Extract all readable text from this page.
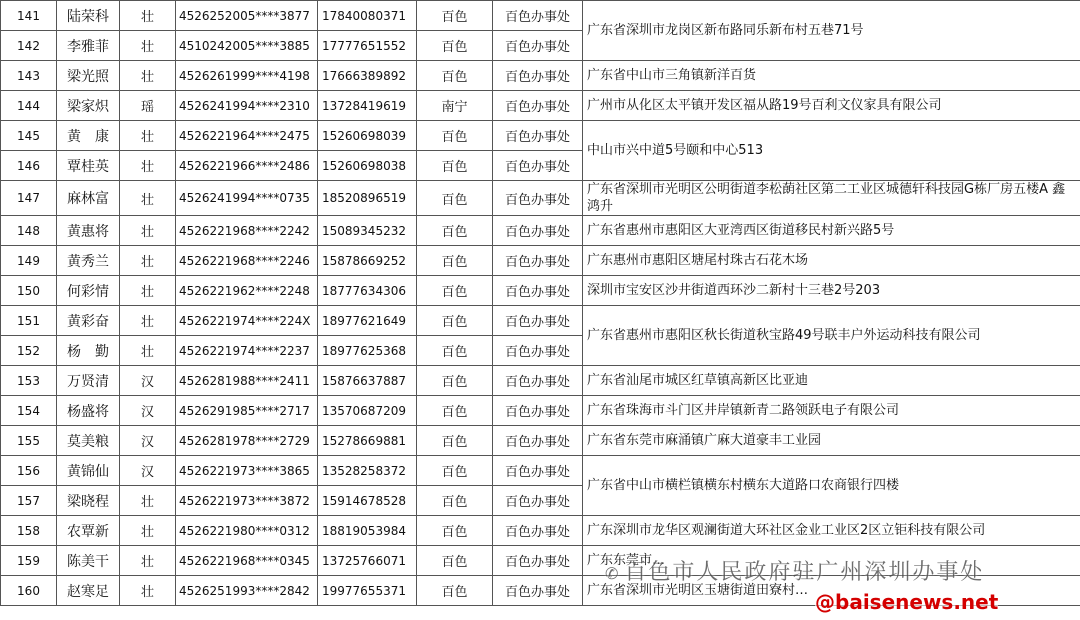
141	陆荣科	壮	4526252005****3877	17840080371	百色	百色办事处	广东省深圳市龙岗区新布路同乐新布村五巷71号
142	李雅菲	壮	4510242005****3885	17777651552	百色	百色办事处	
143	梁光照	壮	4526261999****4198	17666389892	百色	百色办事处	广东省中山市三角镇新洋百货
144	梁家炽	瑶	4526241994****2310	13728419619	南宁	百色办事处	广州市从化区太平镇开发区福从路19号百利文仪家具有限公司
145	黄　康	壮	4526221964****2475	15260698039	百色	百色办事处	中山市兴中道5号颐和中心513
146	覃桂英	壮	4526221966****2486	15260698038	百色	百色办事处	
147	麻林富	壮	4526241994****0735	18520896519	百色	百色办事处	广东省深圳市光明区公明街道李松蓢社区第二工业区城德轩科技园G栋厂房五楼A 鑫鸿升
148	黄惠将	壮	4526221968****2242	15089345232	百色	百色办事处	广东省惠州市惠阳区大亚湾西区街道移民村新兴路5号
149	黄秀兰	壮	4526221968****2246	15878669252	百色	百色办事处	广东惠州市惠阳区塘尾村珠古石花木场
150	何彩情	壮	4526221962****2248	18777634306	百色	百色办事处	深圳市宝安区沙井街道西环沙二新村十三巷2号203
151	黄彩奋	壮	4526221974****224X	18977621649	百色	百色办事处	广东省惠州市惠阳区秋长街道秋宝路49号联丰户外运动科技有限公司
152	杨　勤	壮	4526221974****2237	18977625368	百色	百色办事处	
153	万贤清	汉	4526281988****2411	15876637887	百色	百色办事处	广东省汕尾市城区红草镇高新区比亚迪
154	杨盛将	汉	4526291985****2717	13570687209	百色	百色办事处	广东省珠海市斗门区井岸镇新青二路领跃电子有限公司
155	莫美粮	汉	4526281978****2729	15278669881	百色	百色办事处	广东省东莞市麻涌镇广麻大道豪丰工业园
156	黄锦仙	汉	4526221973****3865	13528258372	百色	百色办事处	广东省中山市横栏镇横东村横东大道路口农商银行四楼
157	梁晓程	壮	4526221973****3872	15914678528	百色	百色办事处	
158	农覃新	壮	4526221980****0312	18819053984	百色	百色办事处	广东深圳市龙华区观澜街道大环社区金业工业区2区立钜科技有限公司
159	陈美干	壮	4526221968****0345	13725766071	百色	百色办事处	广东东莞市…
160	赵寒足	壮	4526251993****2842	19977655371	百色	百色办事处	广东省深圳市光明区玉塘街道田寮村…
✆ 百色市人民政府驻广州深圳办事处
@baisenews.net
